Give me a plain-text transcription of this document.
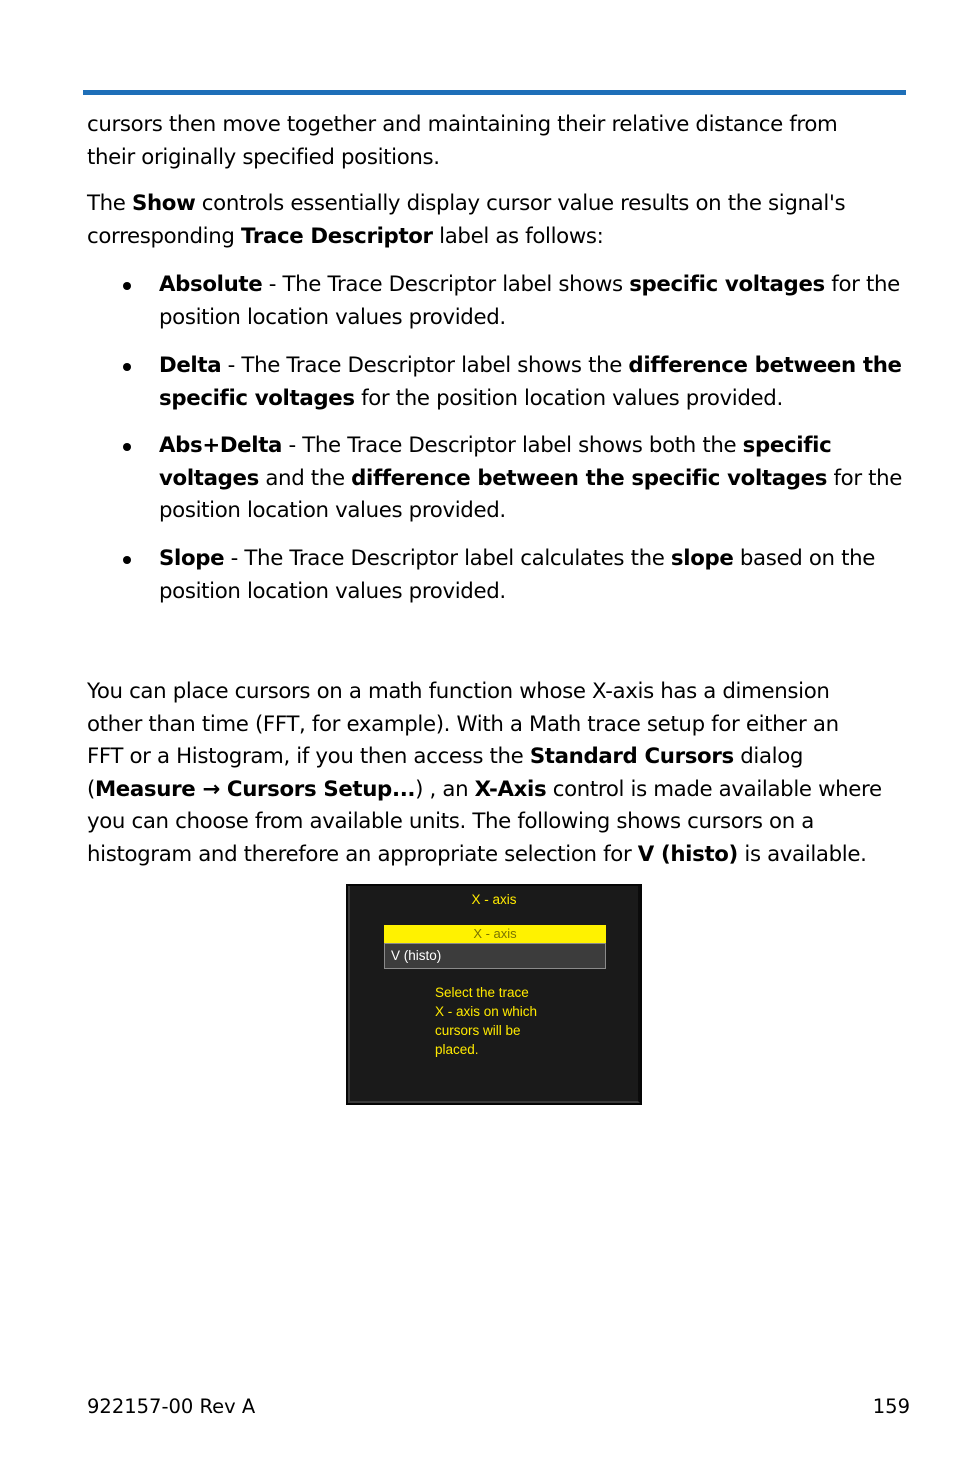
cursors then move together and maintaining their relative distance from
their originally specified positions.

The Show controls essentially display cursor value results on the signal's
corresponding Trace Descriptor label as follows:

Absolute - The Trace Descriptor label shows specific voltages for the
position location values provided.

Delta - The Trace Descriptor label shows the difference between the
specific voltages for the position location values provided.

Abs+Delta - The Trace Descriptor label shows both the specific
voltages and the difference between the specific voltages for the
position location values provided.

Slope - The Trace Descriptor label calculates the slope based on the
position location values provided.

You can place cursors on a math function whose X-axis has a dimension
other than time (FFT, for example). With a Math trace setup for either an
FFT or a Histogram, if you then access the Standard Cursors dialog
(Measure → Cursors Setup...) , an X-Axis control is made available where
you can choose from available units. The following shows cursors on a
histogram and therefore an appropriate selection for V (histo) is available.

X - axis
X - axis
V (histo)
Select the trace
X - axis on which
cursors will be
placed.
922157-00 Rev A	159
